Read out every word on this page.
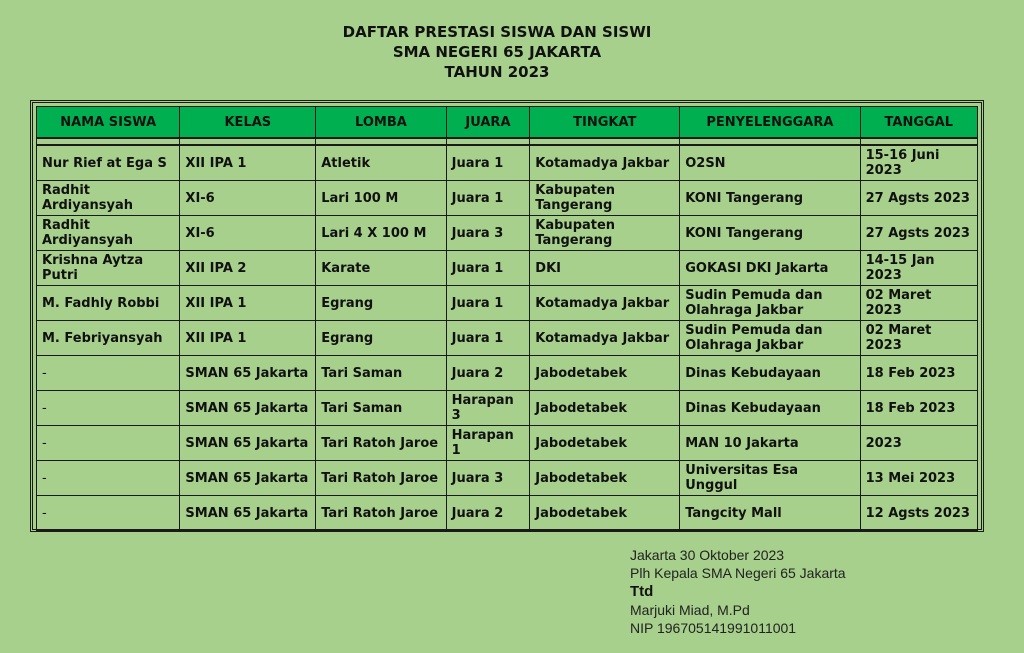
DAFTAR PRESTASI SISWA DAN SISWI
SMA NEGERI 65 JAKARTA
TAHUN 2023
NAMA SISWA	KELAS	LOMBA	JUARA	TINGKAT	PENYELENGGARA	TANGGAL

Nur Rief at Ega S	XII IPA 1	Atletik	Juara 1	Kotamadya Jakbar	O2SN	15-16 Juni 2023
Radhit Ardiyansyah	XI-6	Lari 100 M	Juara 1	Kabupaten Tangerang	KONI Tangerang	27 Agsts 2023
Radhit Ardiyansyah	XI-6	Lari 4 X 100 M	Juara 3	Kabupaten Tangerang	KONI Tangerang	27 Agsts 2023
Krishna Aytza Putri	XII IPA 2	Karate	Juara 1	DKI	GOKASI DKI Jakarta	14-15 Jan 2023
M. Fadhly Robbi	XII IPA 1	Egrang	Juara 1	Kotamadya Jakbar	Sudin Pemuda dan Olahraga Jakbar	02 Maret 2023
M. Febriyansyah	XII IPA 1	Egrang	Juara 1	Kotamadya Jakbar	Sudin Pemuda dan Olahraga Jakbar	02 Maret 2023
-	SMAN 65 Jakarta	Tari Saman	Juara 2	Jabodetabek	Dinas Kebudayaan	18 Feb 2023
-	SMAN 65 Jakarta	Tari Saman	Harapan 3	Jabodetabek	Dinas Kebudayaan	18 Feb 2023
-	SMAN 65 Jakarta	Tari Ratoh Jaroe	Harapan 1	Jabodetabek	MAN 10 Jakarta	2023
-	SMAN 65 Jakarta	Tari Ratoh Jaroe	Juara 3	Jabodetabek	Universitas Esa Unggul	13 Mei 2023
-	SMAN 65 Jakarta	Tari Ratoh Jaroe	Juara 2	Jabodetabek	Tangcity Mall	12 Agsts 2023
Jakarta 30 Oktober 2023
Plh Kepala SMA Negeri 65 Jakarta
Ttd
Marjuki Miad, M.Pd
NIP 196705141991011001
